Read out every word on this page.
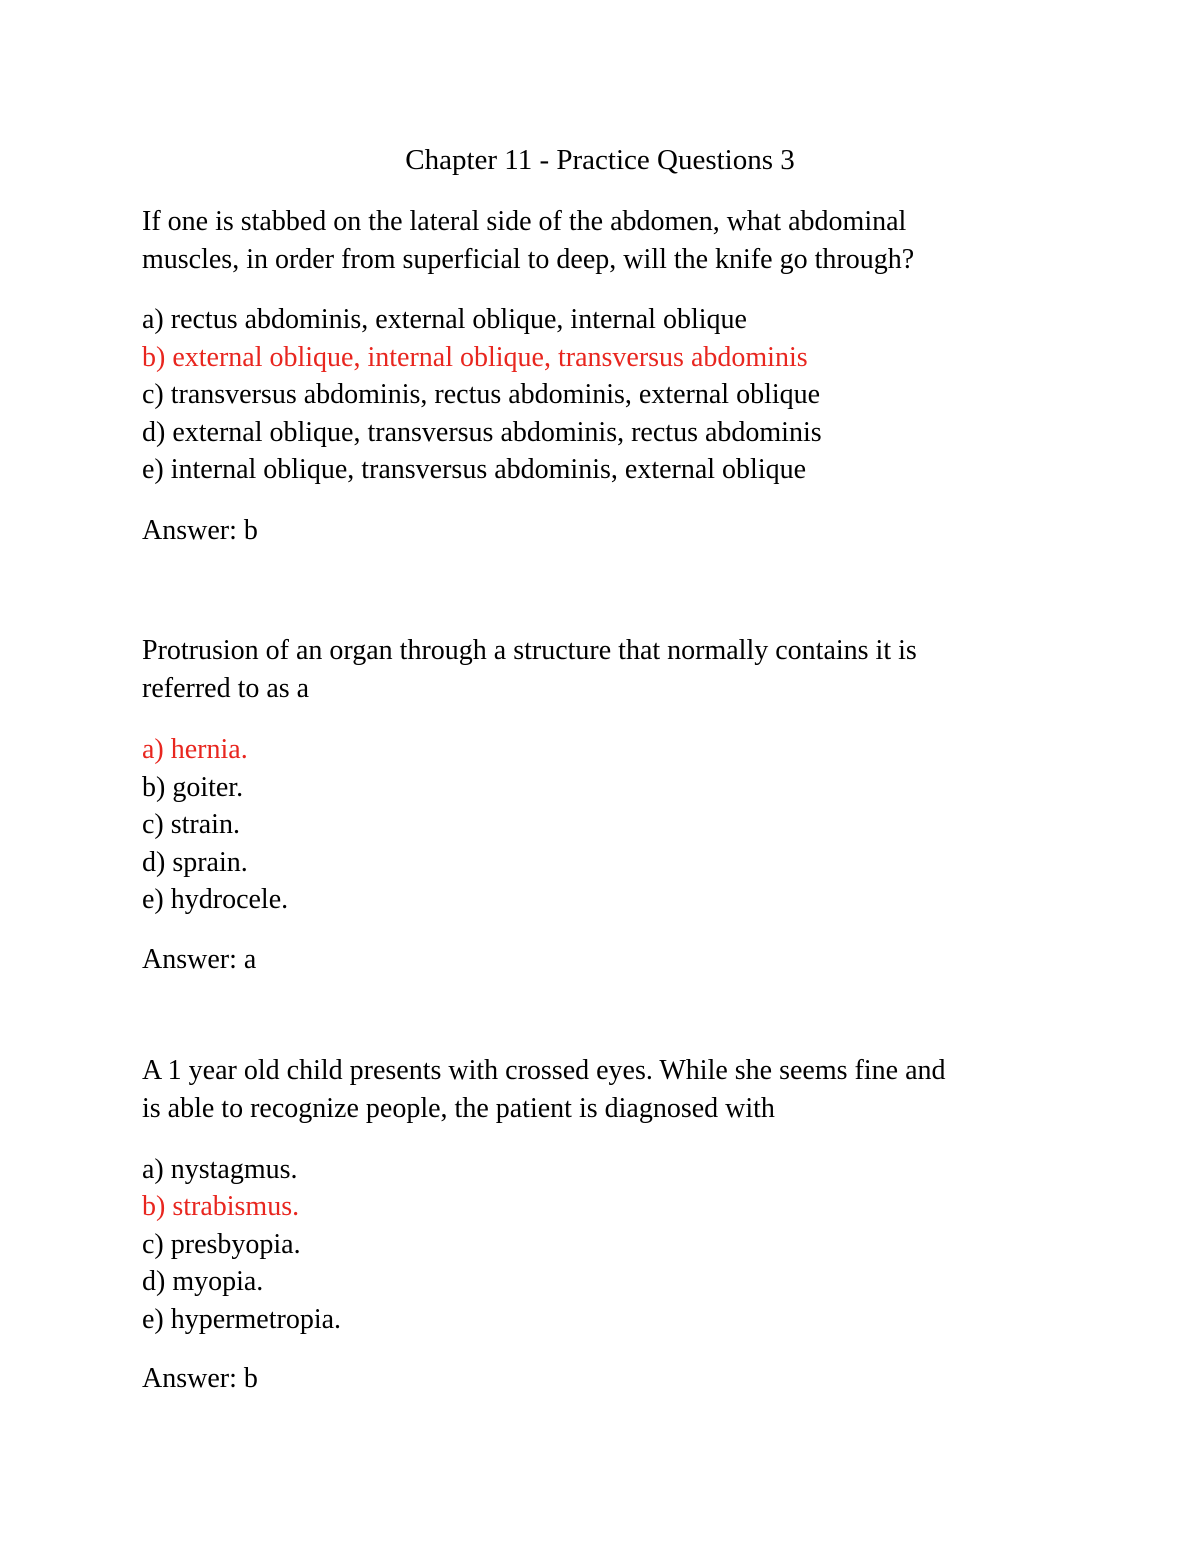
Chapter 11 - Practice Questions 3
If one is stabbed on the lateral side of the abdomen, what abdominal
muscles, in order from superficial to deep, will the knife go through?
a) rectus abdominis, external oblique, internal oblique
b) external oblique, internal oblique, transversus abdominis
c) transversus abdominis, rectus abdominis, external oblique
d) external oblique, transversus abdominis, rectus abdominis
e) internal oblique, transversus abdominis, external oblique
Answer: b
Protrusion of an organ through a structure that normally contains it is
referred to as a
a) hernia.
b) goiter.
c) strain.
d) sprain.
e) hydrocele.
Answer: a
A 1 year old child presents with crossed eyes. While she seems fine and
is able to recognize people, the patient is diagnosed with
a) nystagmus.
b) strabismus.
c) presbyopia.
d) myopia.
e) hypermetropia.
Answer: b
